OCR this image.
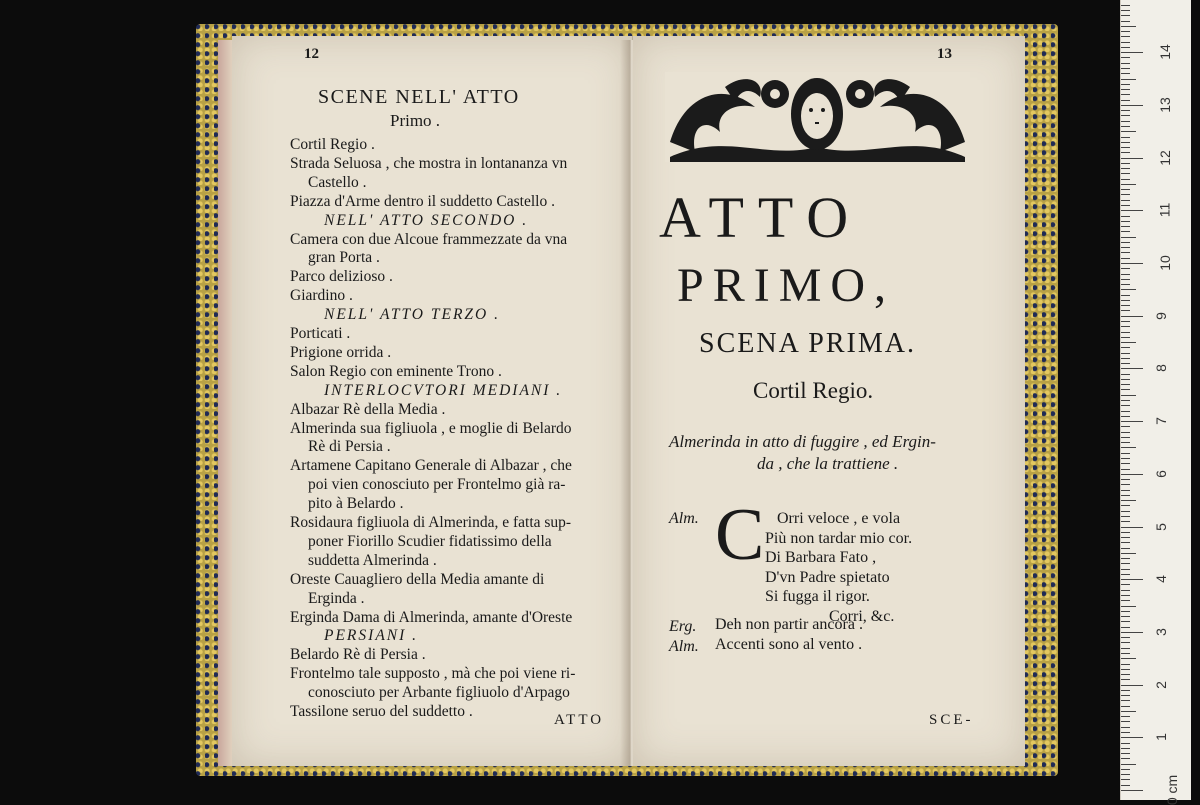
12
SCENE NELL' ATTO
Primo .
Cortil Regio .
Strada Seluosa , che mostra in lontananza vn
Castello .
Piazza d'Arme dentro il suddetto Castello .
NELL' ATTO SECONDO .
Camera con due Alcoue frammezzate da vna
gran Porta .
Parco delizioso .
Giardino .
NELL' ATTO TERZO .
Porticati .
Prigione orrida .
Salon Regio con eminente Trono .
INTERLOCVTORI MEDIANI .
Albazar Rè della Media .
Almerinda sua figliuola , e moglie di Belardo
Rè di Persia .
Artamene Capitano Generale di Albazar , che
poi vien conosciuto per Frontelmo già ra-
pito à Belardo .
Rosidaura figliuola di Almerinda, e fatta sup-
poner Fiorillo Scudier fidatissimo della
suddetta Almerinda .
Oreste Cauagliero della Media amante di
Erginda .
Erginda Dama di Almerinda, amante d'Oreste
PERSIANI .
Belardo Rè di Persia .
Frontelmo tale supposto , mà che poi viene ri-
conosciuto per Arbante figliuolo d'Arpago
Tassilone seruo del suddetto .	ATTO
13
ATTO
PRIMO,
SCENA PRIMA.
Cortil Regio.
Almerinda in atto di fuggire , ed Ergin-
da , che la trattiene .
Alm. C Orri veloce , e vola
Più non tardar mio cor.
Di Barbara Fato ,
D'vn Padre spietato
Si fugga il rigor.
Corri, &c.
Erg. Deh non partir ancora .
Alm. Accenti sono al vento .
SCE-
14
13
12
11
10
9
8
7
6
5
4
3
2
1
0 cm
